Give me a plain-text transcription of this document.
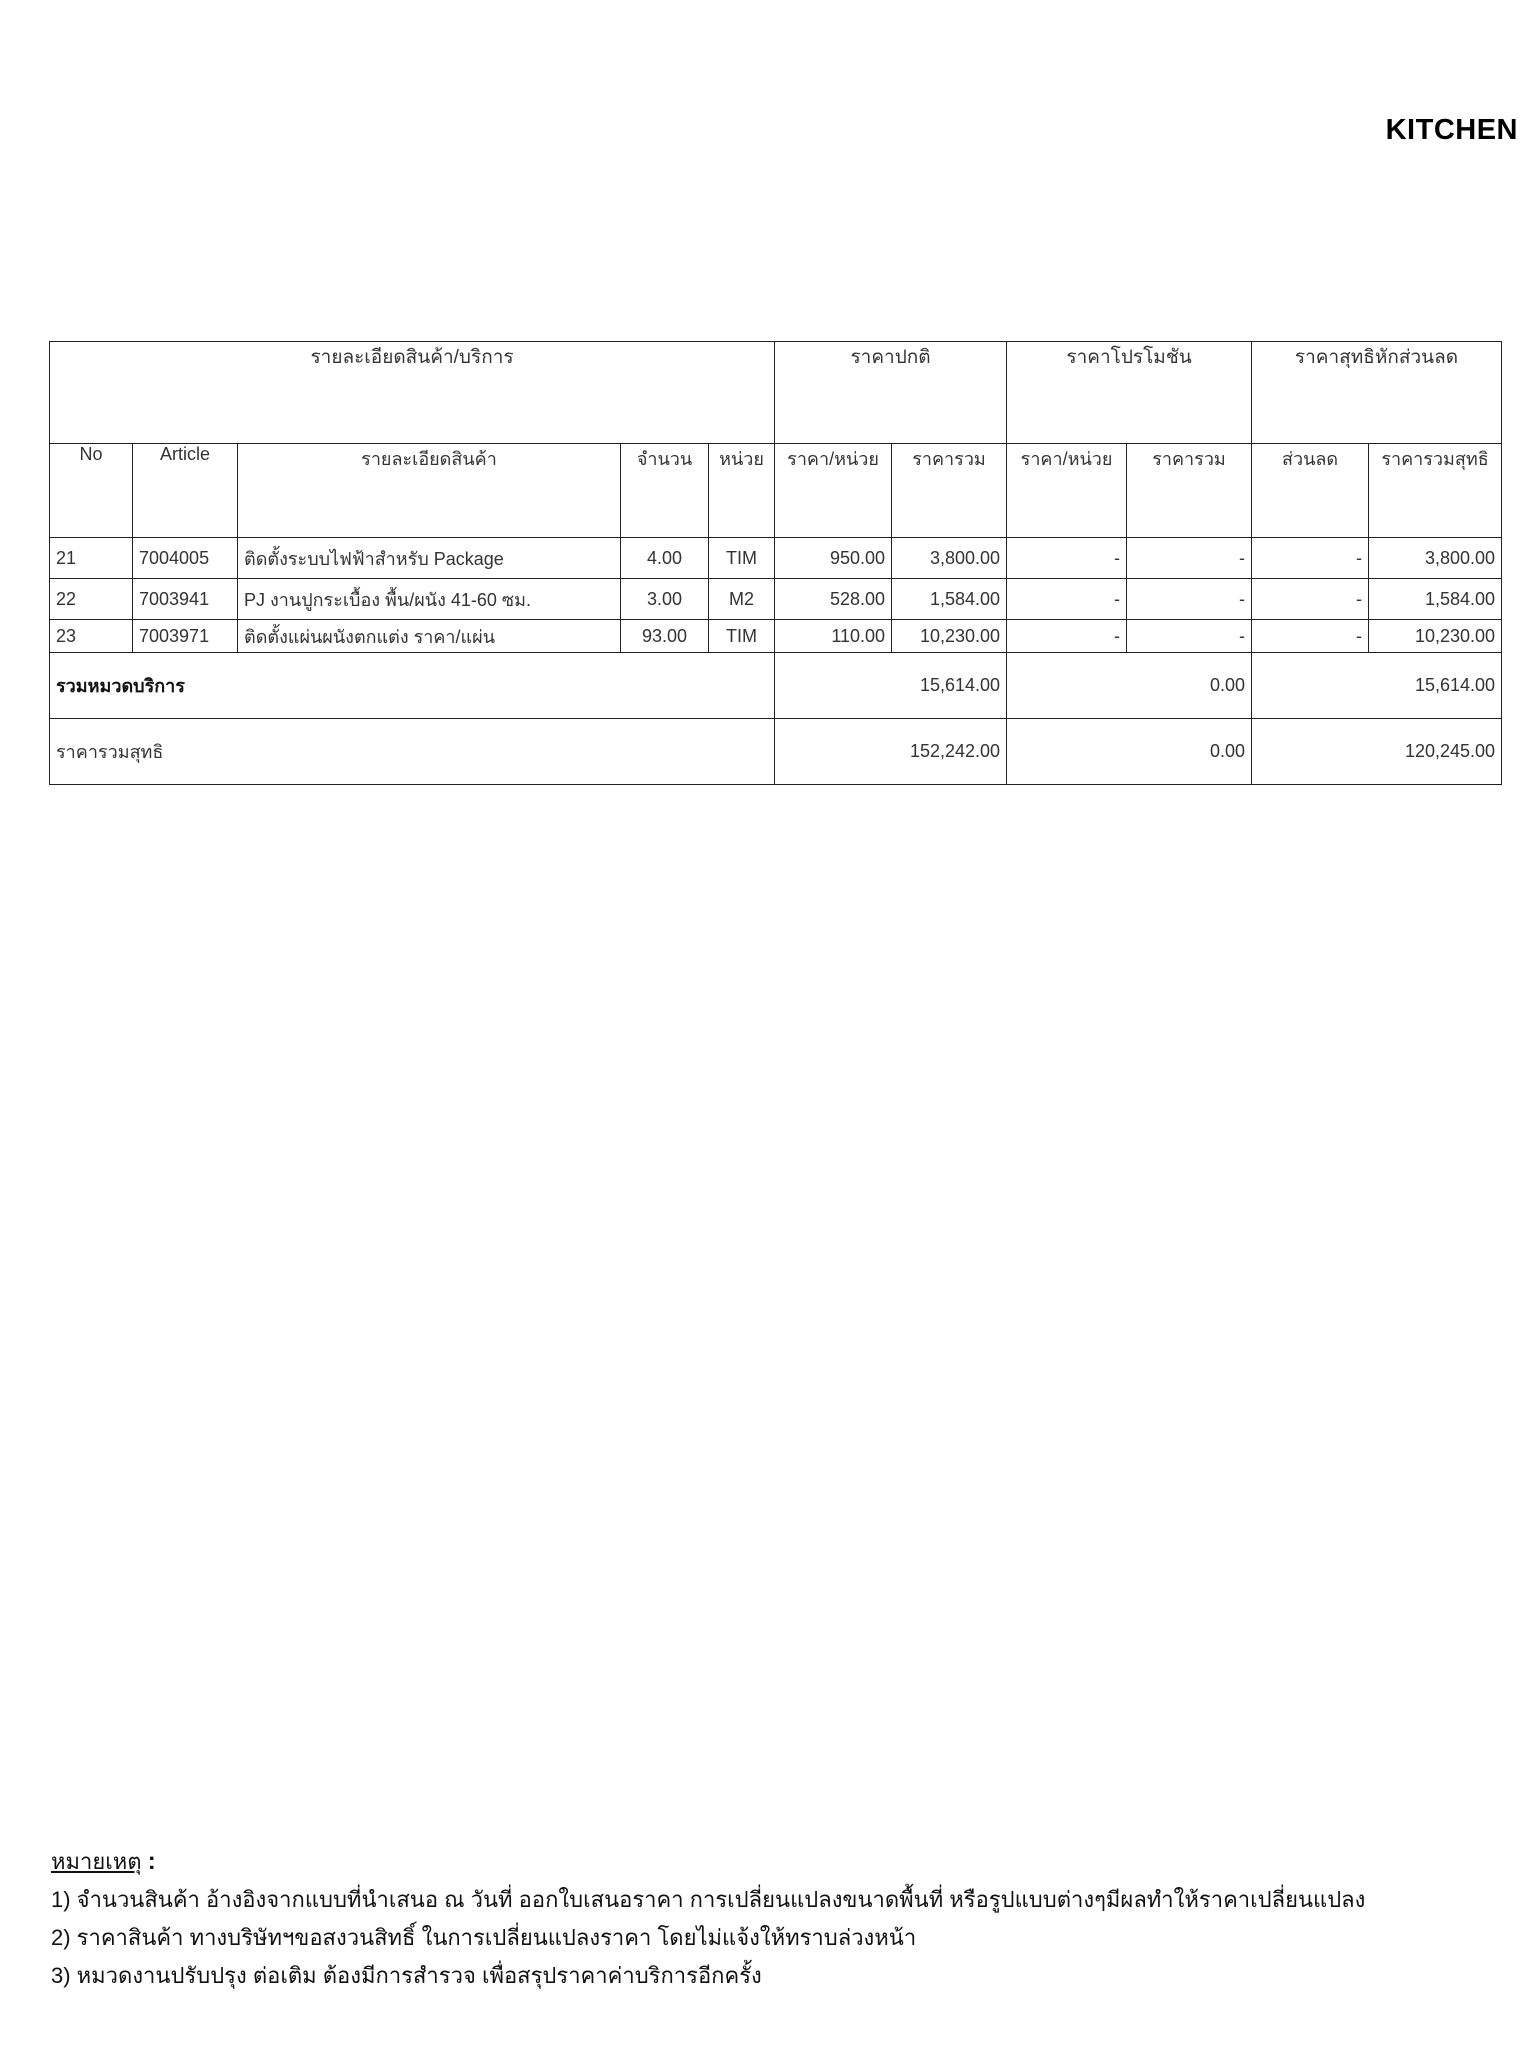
KITCHEN
รายละเอียดสินค้า/บริการ					ราคาปกติ		ราคาโปรโมชัน		ราคาสุทธิหักส่วนลด	
No	Article	รายละเอียดสินค้า	จำนวน	หน่วย	ราคา/หน่วย	ราคารวม	ราคา/หน่วย	ราคารวม	ส่วนลด	ราคารวมสุทธิ
21	7004005	ติดตั้งระบบไฟฟ้าสำหรับ Package	4.00	TIM	950.00	3,800.00	-	-	-	3,800.00
22	7003941	PJ งานปูกระเบื้อง พื้น/ผนัง 41-60 ซม.	3.00	M2	528.00	1,584.00	-	-	-	1,584.00
23	7003971	ติดตั้งแผ่นผนังตกแต่ง ราคา/แผ่น	93.00	TIM	110.00	10,230.00	-	-	-	10,230.00
รวมหมวดบริการ					15,614.00		0.00		15,614.00	
ราคารวมสุทธิ					152,242.00		0.00		120,245.00	
หมายเหตุ :
1) จำนวนสินค้า อ้างอิงจากแบบที่นำเสนอ ณ วันที่ ออกใบเสนอราคา การเปลี่ยนแปลงขนาดพื้นที่ หรือรูปแบบต่างๆมีผลทำให้ราคาเปลี่ยนแปลง
2) ราคาสินค้า ทางบริษัทฯขอสงวนสิทธิ์ ในการเปลี่ยนแปลงราคา โดยไม่แจ้งให้ทราบล่วงหน้า
3) หมวดงานปรับปรุง ต่อเติม ต้องมีการสำรวจ เพื่อสรุปราคาค่าบริการอีกครั้ง
